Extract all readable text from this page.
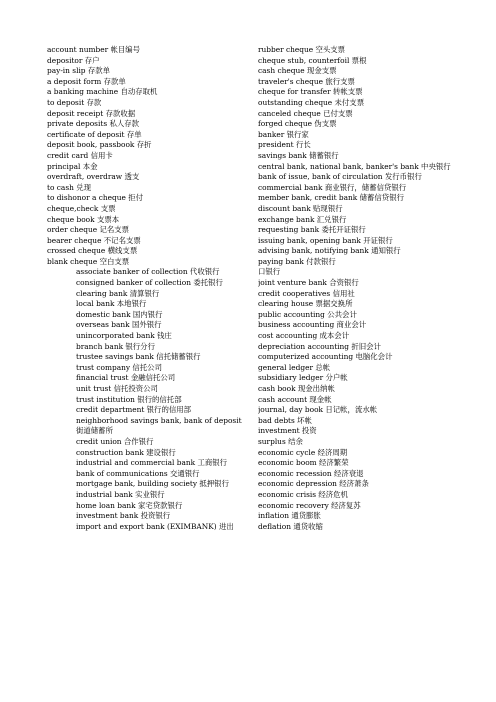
account number 帐目编号
depositor 存户
pay-in slip 存款单
a deposit form 存款单
a banking machine 自动存取机
to deposit 存款
deposit receipt 存款收据
private deposits 私人存款
certificate of deposit 存单
deposit book, passbook 存折
credit card 信用卡
principal 本金
overdraft, overdraw 透支
to cash 兑现
to dishonor a cheque 拒付
cheque,check 支票
cheque book 支票本
order cheque 记名支票
bearer cheque 不记名支票
crossed cheque 横线支票
blank cheque 空白支票
associate banker of collection 代收银行
consigned banker of collection 委托银行
clearing bank 清算银行
local bank 本地银行
domestic bank 国内银行
overseas bank 国外银行
unincorporated bank 钱庄
branch bank 银行分行
trustee savings bank 信托储蓄银行
trust company 信托公司
financial trust 金融信托公司
unit trust 信托投资公司
trust institution 银行的信托部
credit department 银行的信用部
neighborhood savings bank, bank of deposit
街道储蓄所
credit union 合作银行
construction bank 建设银行
industrial and commercial bank 工商银行
bank of communications 交通银行
mortgage bank, building society 抵押银行
industrial bank 实业银行
home loan bank 家宅贷款银行
investment bank 投资银行
import and export bank (EXIMBANK) 进出
rubber cheque 空头支票
cheque stub, counterfoil 票根
cash cheque 现金支票
traveler's cheque 旅行支票
cheque for transfer 转帐支票
outstanding cheque 未付支票
canceled cheque 已付支票
forged cheque 伪支票
banker 银行家
president 行长
savings bank 储蓄银行
central bank, national bank, banker's bank 中央银行
bank of issue, bank of circulation 发行币银行
commercial bank 商业银行，储蓄信贷银行
member bank, credit bank 储蓄信贷银行
discount bank 贴现银行
exchange bank 汇兑银行
requesting bank 委托开证银行
issuing bank, opening bank 开证银行
advising bank, notifying bank 通知银行
paying bank 付款银行
口银行
joint venture bank 合资银行
credit cooperatives 信用社
clearing house 票据交换所
public accounting 公共会计
business accounting 商业会计
cost accounting 成本会计
depreciation accounting 折旧会计
computerized accounting 电脑化会计
general ledger 总帐
subsidiary ledger 分户帐
cash book 现金出纳帐
cash account 现金帐
journal, day book 日记帐，流水帐
bad debts 坏帐
investment 投资
surplus 结余
economic cycle 经济周期
economic boom 经济繁荣
economic recession 经济衰退
economic depression 经济萧条
economic crisis 经济危机
economic recovery 经济复苏
inflation 通货膨胀
deflation 通货收缩
